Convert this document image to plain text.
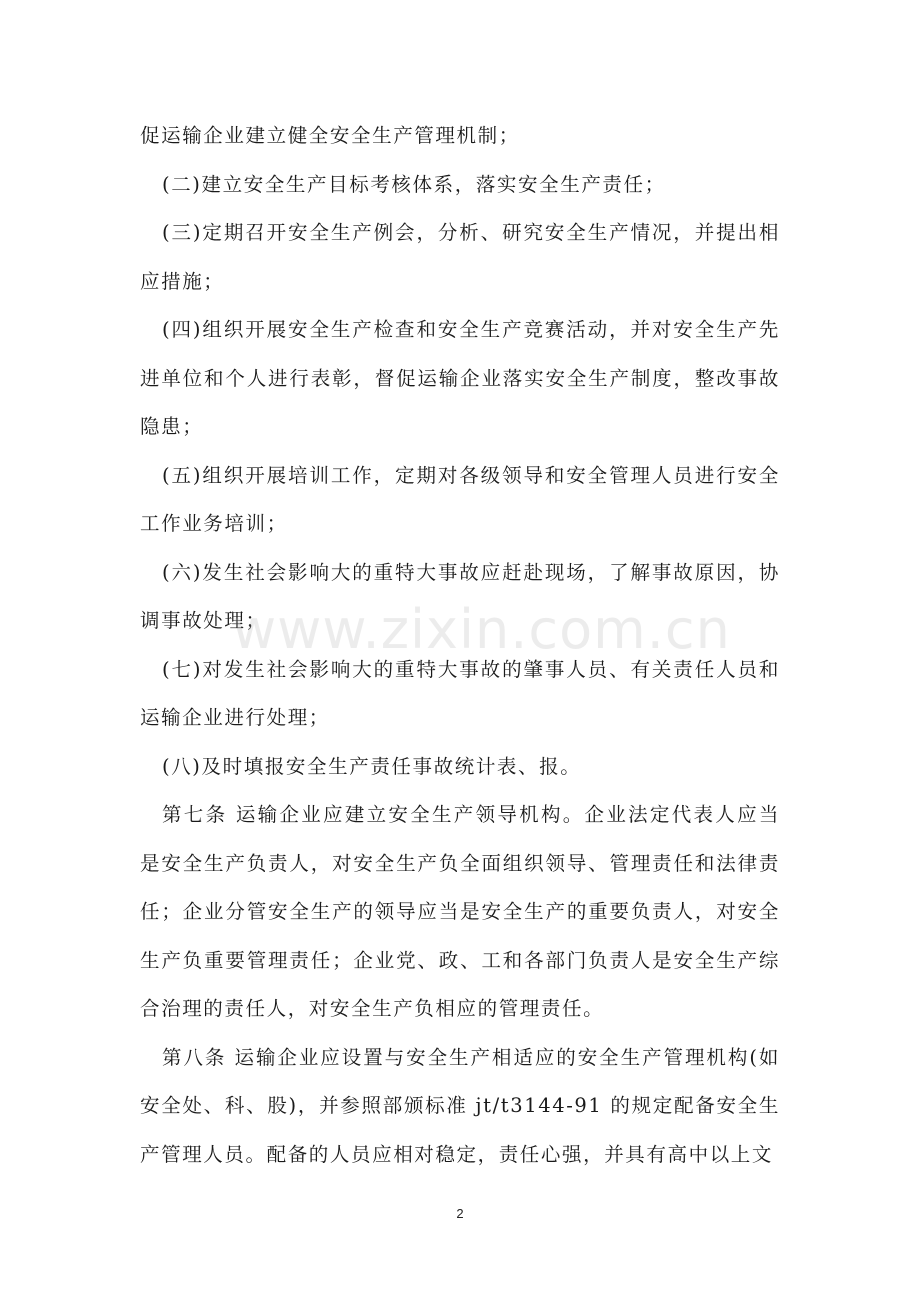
促运输企业建立健全安全生产管理机制；

(二)建立安全生产目标考核体系，落实安全生产责任；

(三)定期召开安全生产例会，分析、研究安全生产情况，并提出相应措施；

(四)组织开展安全生产检查和安全生产竞赛活动，并对安全生产先进单位和个人进行表彰，督促运输企业落实安全生产制度，整改事故隐患；

(五)组织开展培训工作，定期对各级领导和安全管理人员进行安全工作业务培训；

(六)发生社会影响大的重特大事故应赶赴现场，了解事故原因，协调事故处理；

(七)对发生社会影响大的重特大事故的肇事人员、有关责任人员和运输企业进行处理；

(八)及时填报安全生产责任事故统计表、报。

第七条 运输企业应建立安全生产领导机构。企业法定代表人应当是安全生产负责人，对安全生产负全面组织领导、管理责任和法律责任；企业分管安全生产的领导应当是安全生产的重要负责人，对安全生产负重要管理责任；企业党、政、工和各部门负责人是安全生产综合治理的责任人，对安全生产负相应的管理责任。

第八条 运输企业应设置与安全生产相适应的安全生产管理机构(如安全处、科、股)，并参照部颁标准 jt/t3144-91 的规定配备安全生产管理人员。配备的人员应相对稳定，责任心强，并具有高中以上文

www.zixin.com.cn
2
